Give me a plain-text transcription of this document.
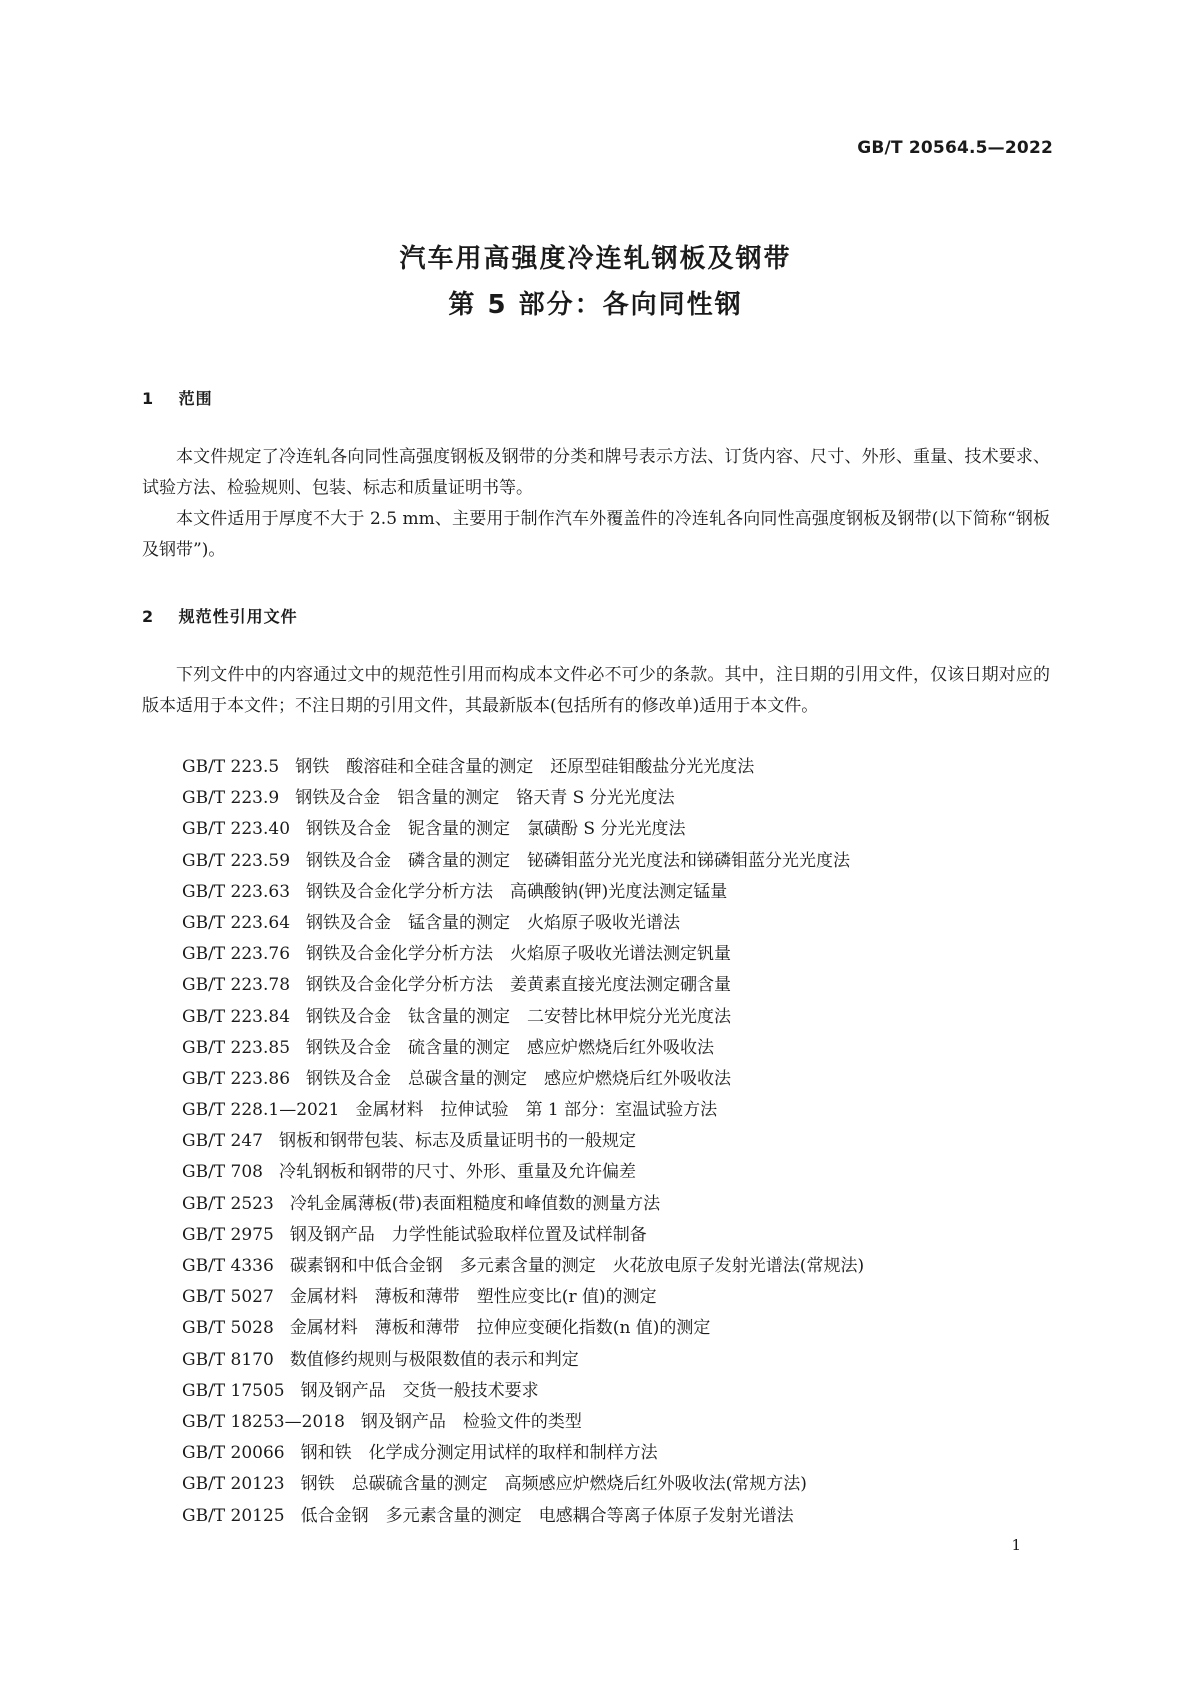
GB/T 20564.5—2022
汽车用高强度冷连轧钢板及钢带
第 5 部分：各向同性钢
1 范围
本文件规定了冷连轧各向同性高强度钢板及钢带的分类和牌号表示方法、订货内容、尺寸、外形、重量、技术要求、试验方法、检验规则、包装、标志和质量证明书等。
本文件适用于厚度不大于 2.5 mm、主要用于制作汽车外覆盖件的冷连轧各向同性高强度钢板及钢带(以下简称“钢板及钢带”)。
2 规范性引用文件
下列文件中的内容通过文中的规范性引用而构成本文件必不可少的条款。其中，注日期的引用文件，仅该日期对应的版本适用于本文件；不注日期的引用文件，其最新版本(包括所有的修改单)适用于本文件。
GB/T 223.5 钢铁　酸溶硅和全硅含量的测定　还原型硅钼酸盐分光光度法
GB/T 223.9 钢铁及合金　铝含量的测定　铬天青 S 分光光度法
GB/T 223.40 钢铁及合金　铌含量的测定　氯磺酚 S 分光光度法
GB/T 223.59 钢铁及合金　磷含量的测定　铋磷钼蓝分光光度法和锑磷钼蓝分光光度法
GB/T 223.63 钢铁及合金化学分析方法　高碘酸钠(钾)光度法测定锰量
GB/T 223.64 钢铁及合金　锰含量的测定　火焰原子吸收光谱法
GB/T 223.76 钢铁及合金化学分析方法　火焰原子吸收光谱法测定钒量
GB/T 223.78 钢铁及合金化学分析方法　姜黄素直接光度法测定硼含量
GB/T 223.84 钢铁及合金　钛含量的测定　二安替比林甲烷分光光度法
GB/T 223.85 钢铁及合金　硫含量的测定　感应炉燃烧后红外吸收法
GB/T 223.86 钢铁及合金　总碳含量的测定　感应炉燃烧后红外吸收法
GB/T 228.1—2021 金属材料　拉伸试验　第 1 部分：室温试验方法
GB/T 247 钢板和钢带包装、标志及质量证明书的一般规定
GB/T 708 冷轧钢板和钢带的尺寸、外形、重量及允许偏差
GB/T 2523 冷轧金属薄板(带)表面粗糙度和峰值数的测量方法
GB/T 2975 钢及钢产品　力学性能试验取样位置及试样制备
GB/T 4336 碳素钢和中低合金钢　多元素含量的测定　火花放电原子发射光谱法(常规法)
GB/T 5027 金属材料　薄板和薄带　塑性应变比(r 值)的测定
GB/T 5028 金属材料　薄板和薄带　拉伸应变硬化指数(n 值)的测定
GB/T 8170 数值修约规则与极限数值的表示和判定
GB/T 17505 钢及钢产品　交货一般技术要求
GB/T 18253—2018 钢及钢产品　检验文件的类型
GB/T 20066 钢和铁　化学成分测定用试样的取样和制样方法
GB/T 20123 钢铁　总碳硫含量的测定　高频感应炉燃烧后红外吸收法(常规方法)
GB/T 20125 低合金钢　多元素含量的测定　电感耦合等离子体原子发射光谱法
1
